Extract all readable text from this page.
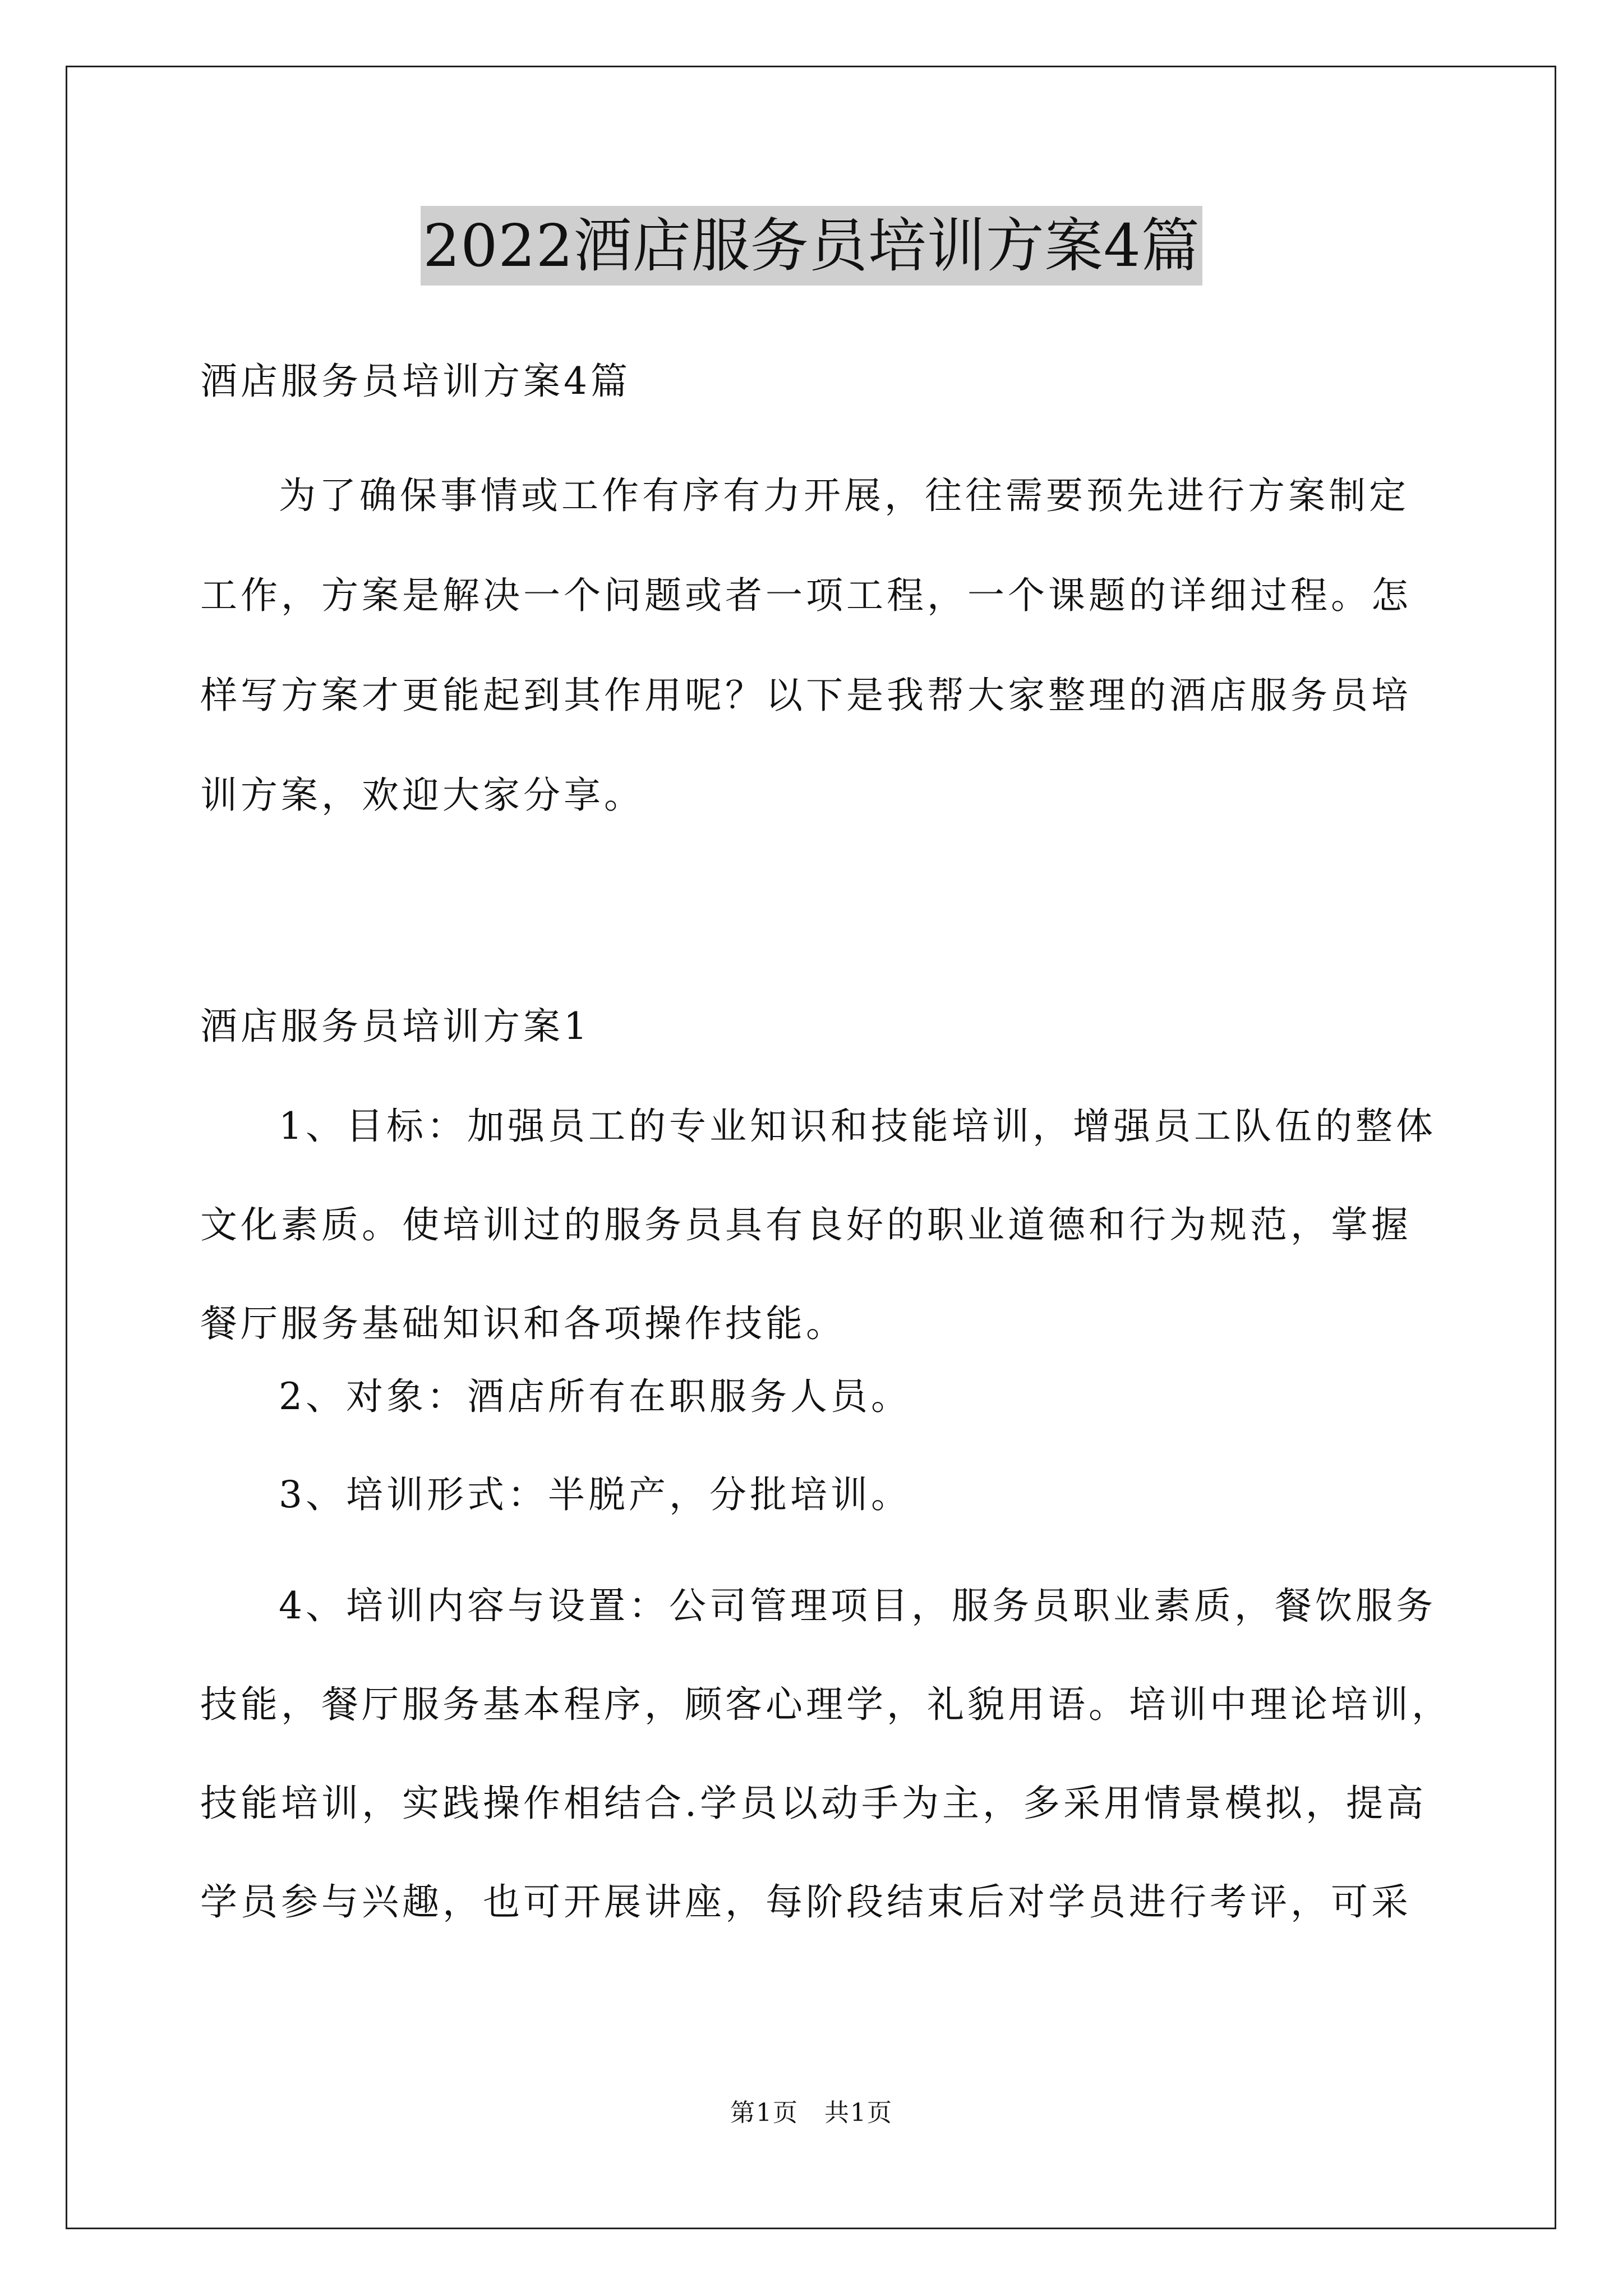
2022酒店服务员培训方案4篇

酒店服务员培训方案4篇

为了确保事情或工作有序有力开展，往往需要预先进行方案制定
工作，方案是解决一个问题或者一项工程，一个课题的详细过程。怎
样写方案才更能起到其作用呢？以下是我帮大家整理的酒店服务员培
训方案，欢迎大家分享。

酒店服务员培训方案1

1、目标：加强员工的专业知识和技能培训，增强员工队伍的整体
文化素质。使培训过的服务员具有良好的职业道德和行为规范，掌握
餐厅服务基础知识和各项操作技能。

2、对象：酒店所有在职服务人员。

3、培训形式：半脱产，分批培训。

4、培训内容与设置：公司管理项目，服务员职业素质，餐饮服务
技能，餐厅服务基本程序，顾客心理学，礼貌用语。培训中理论培训，
技能培训，实践操作相结合.学员以动手为主，多采用情景模拟，提高
学员参与兴趣，也可开展讲座，每阶段结束后对学员进行考评，可采
第1页　共1页
